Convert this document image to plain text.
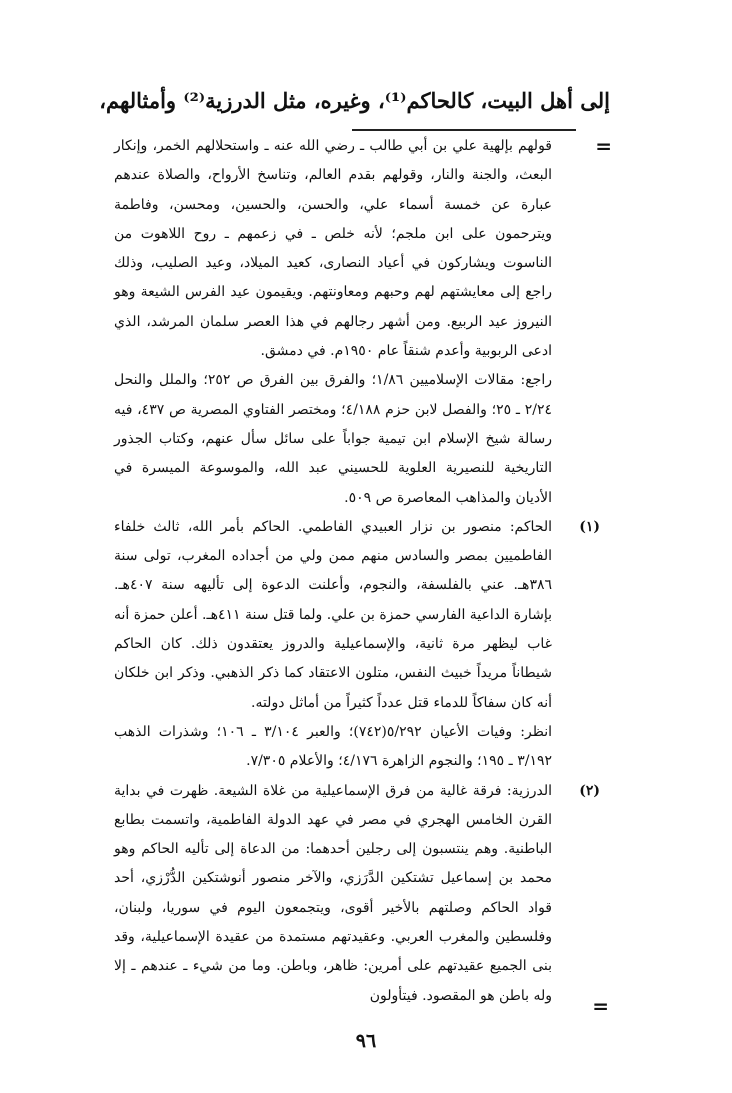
إلى أهل البيت، كالحاكم⁽¹⁾، وغيره، مثل الدرزية⁽²⁾ وأمثالهم،
=

قولهم بإلهية علي بن أبي طالب ـ رضي الله عنه ـ واستحلالهم الخمر، وإنكار البعث، والجنة والنار، وقولهم بقدم العالم، وتناسخ الأرواح، والصلاة عندهم عبارة عن خمسة أسماء علي، والحسن، والحسين، ومحسن، وفاطمة ويترحمون على ابن ملجم؛ لأنه خلص ـ في زعمهم ـ روح اللاهوت من الناسوت ويشاركون في أعياد النصارى، كعيد الميلاد، وعيد الصليب، وذلك راجع إلى معايشتهم لهم وحبهم ومعاونتهم. ويقيمون عيد الفرس الشيعة وهو النيروز عيد الربيع. ومن أشهر رجالهم في هذا العصر سلمان المرشد، الذي ادعى الربوبية وأعدم شنقاً عام ١٩٥٠م. في دمشق.

راجع: مقالات الإسلاميين ١/٨٦؛ والفرق بين الفرق ص ٢٥٢؛ والملل والنحل ٢/٢٤ ـ ٢٥؛ والفصل لابن حزم ٤/١٨٨؛ ومختصر الفتاوي المصرية ص ٤٣٧، فيه رسالة شيخ الإسلام ابن تيمية جواباً على سائل سأل عنهم، وكتاب الجذور التاريخية للنصيرية العلوية للحسيني عبد الله، والموسوعة الميسرة في الأديان والمذاهب المعاصرة ص ٥٠٩.

(١)

الحاكم: منصور بن نزار العبيدي الفاطمي. الحاكم بأمر الله، ثالث خلفاء الفاطميين بمصر والسادس منهم ممن ولي من أجداده المغرب، تولى سنة ٣٨٦هـ. عني بالفلسفة، والنجوم، وأعلنت الدعوة إلى تأليهه سنة ٤٠٧هـ. بإشارة الداعية الفارسي حمزة بن علي. ولما قتل سنة ٤١١هـ. أعلن حمزة أنه غاب ليظهر مرة ثانية، والإسماعيلية والدروز يعتقدون ذلك. كان الحاكم شيطاناً مريداً خبيث النفس، متلون الاعتقاد كما ذكر الذهبي. وذكر ابن خلكان أنه كان سفاكاً للدماء قتل عدداً كثيراً من أماثل دولته.

انظر: وفيات الأعيان ٥/٢٩٢(٧٤٢)؛ والعبر ٣/١٠٤ ـ ١٠٦؛ وشذرات الذهب ٣/١٩٢ ـ ١٩٥؛ والنجوم الزاهرة ٤/١٧٦؛ والأعلام ٧/٣٠٥.

(٢)

الدرزية: فرقة غالية من فرق الإسماعيلية من غلاة الشيعة. ظهرت في بداية القرن الخامس الهجري في مصر في عهد الدولة الفاطمية، واتسمت بطابع الباطنية. وهم ينتسبون إلى رجلين أحدهما: من الدعاة إلى تأليه الحاكم وهو محمد بن إسماعيل تشتكين الدَّرَزي، والآخر منصور أنوشتكين الدُّرْزي، أحد قواد الحاكم وصلتهم بالأخير أقوى، ويتجمعون اليوم في سوريا، ولبنان، وفلسطين والمغرب العربي. وعقيدتهم مستمدة من عقيدة الإسماعيلية، وقد بنى الجميع عقيدتهم على أمرين: ظاهر، وباطن. وما من شيء ـ عندهم ـ إلا وله باطن هو المقصود. فيتأولون =
٩٦
